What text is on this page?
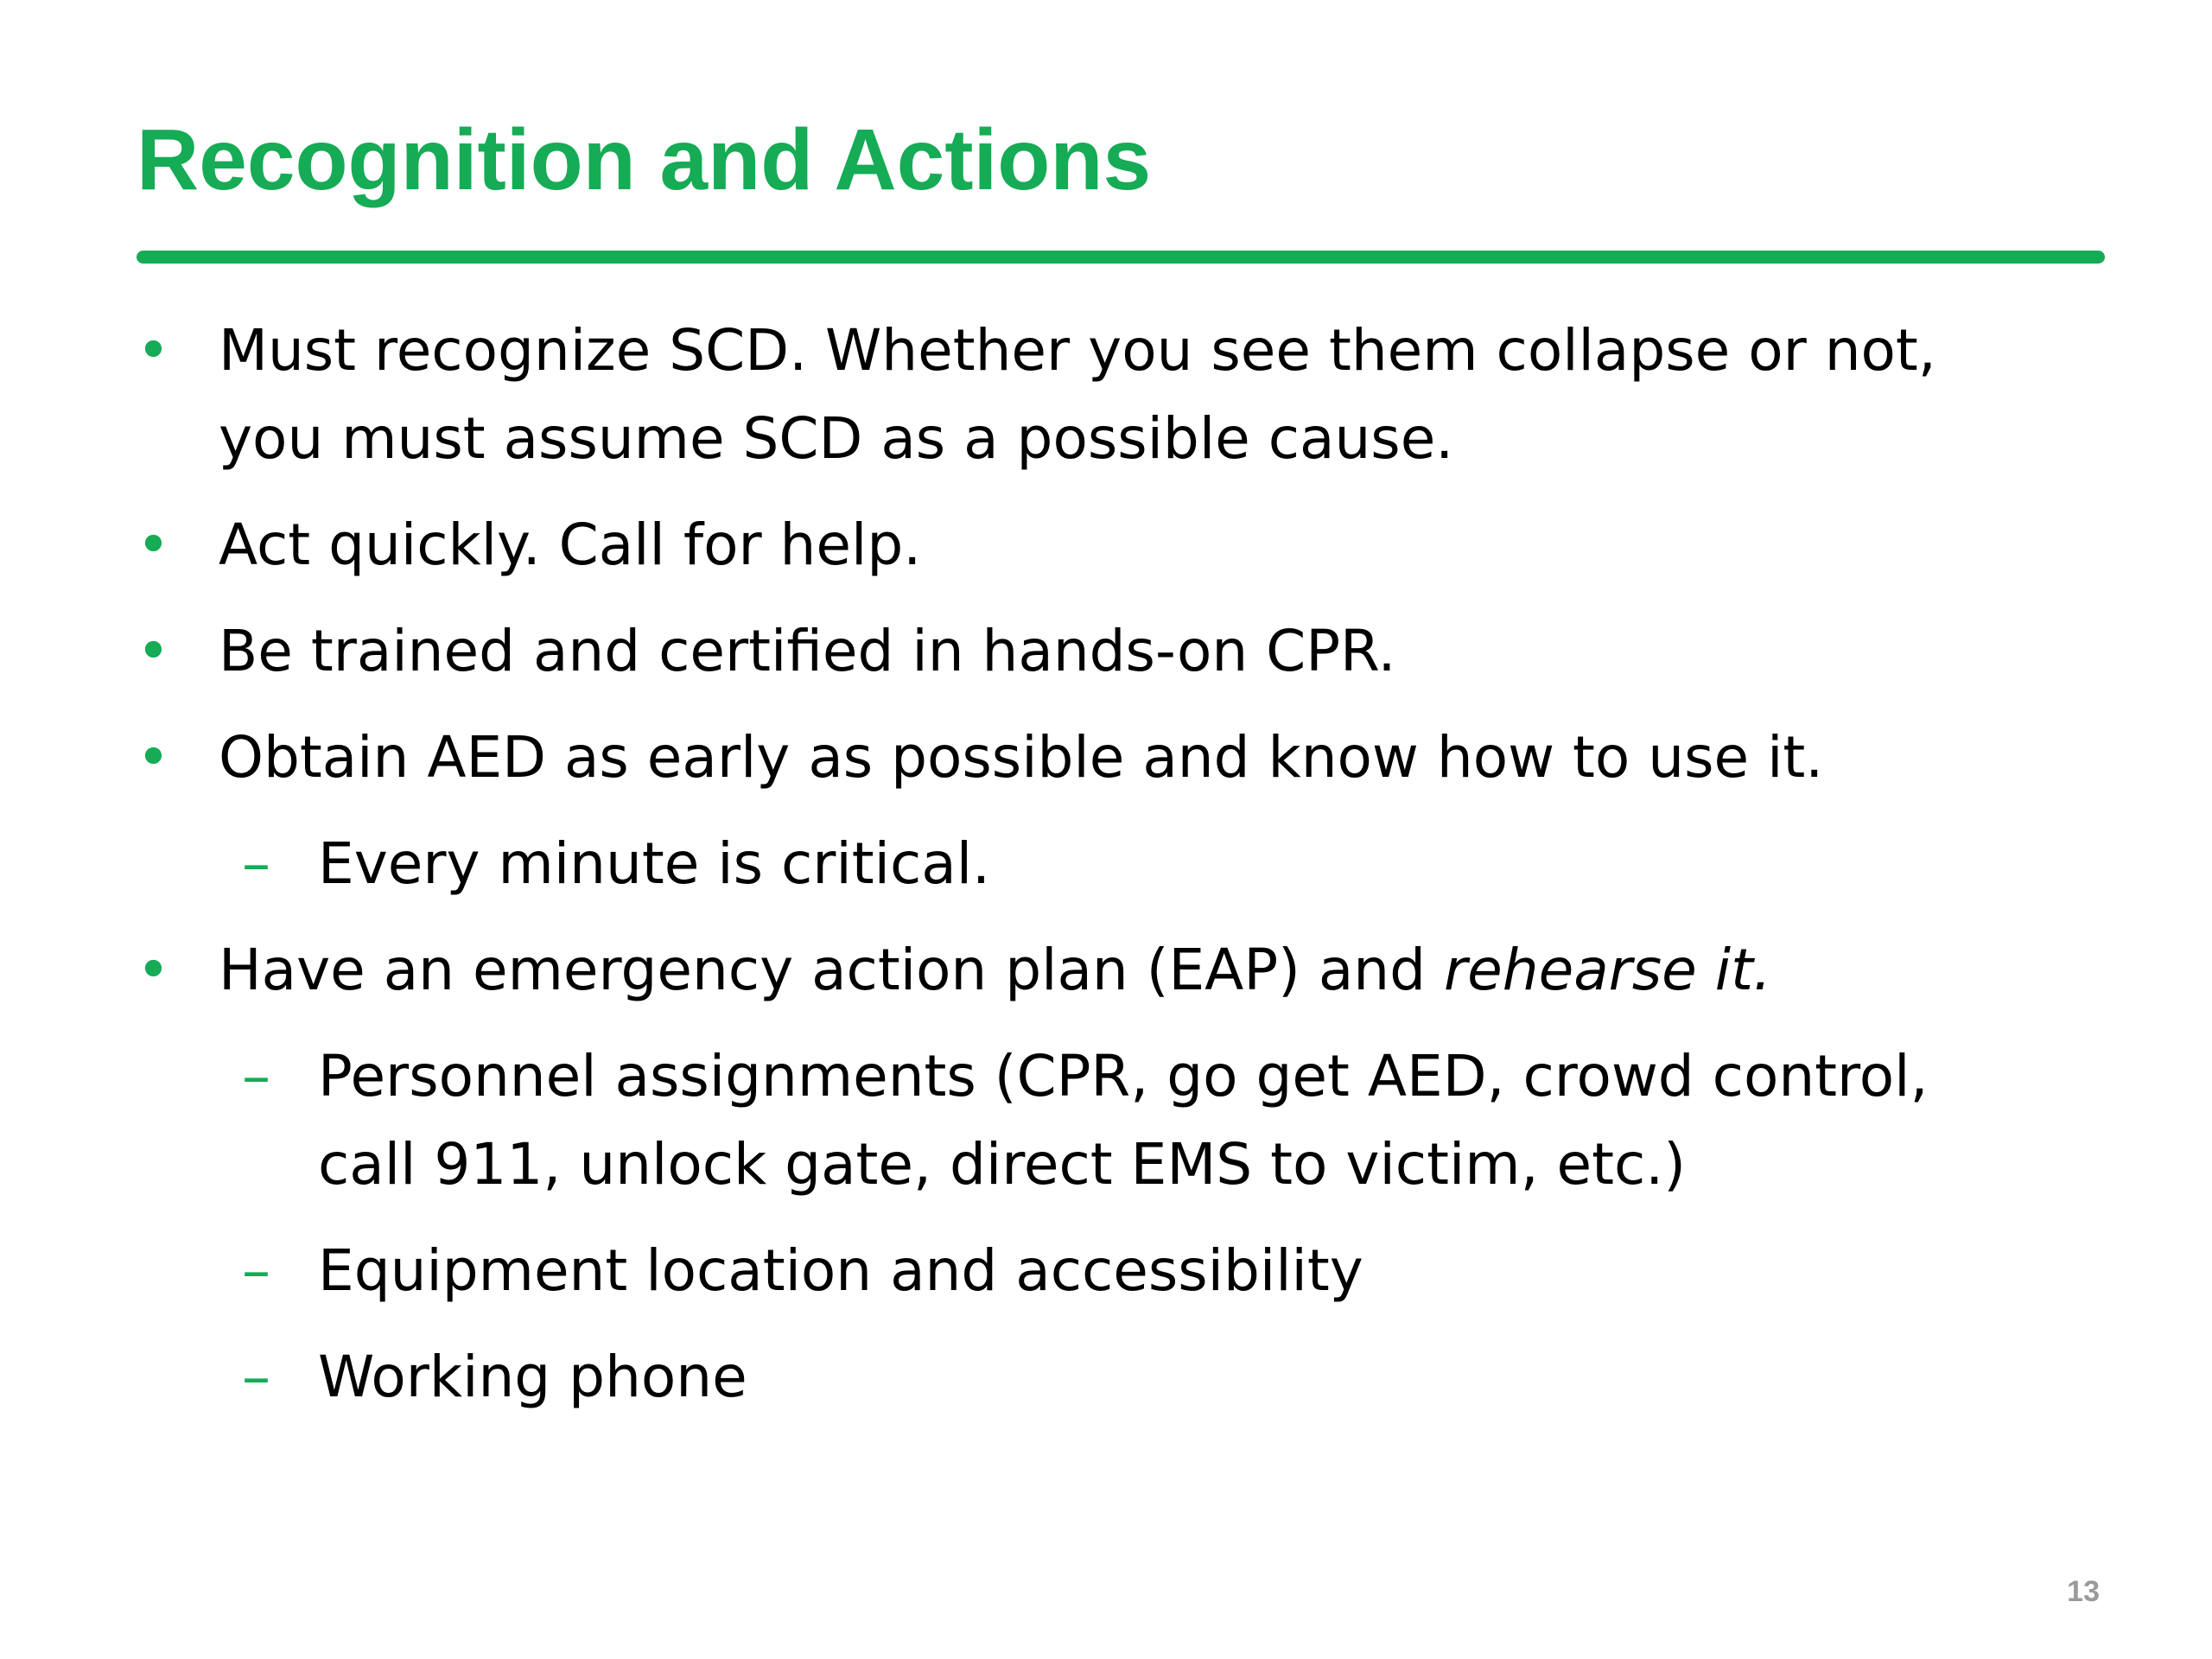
Recognition and Actions
• Must recognize SCD. Whether you see them collapse or not,
you must assume SCD as a possible cause.
• Act quickly. Call for help.
• Be trained and certified in hands-on CPR.
• Obtain AED as early as possible and know how to use it.
– Every minute is critical.
• Have an emergency action plan (EAP) and rehearse it.
– Personnel assignments (CPR, go get AED, crowd control,
call 911, unlock gate, direct EMS to victim, etc.)
– Equipment location and accessibility
– Working phone
13
